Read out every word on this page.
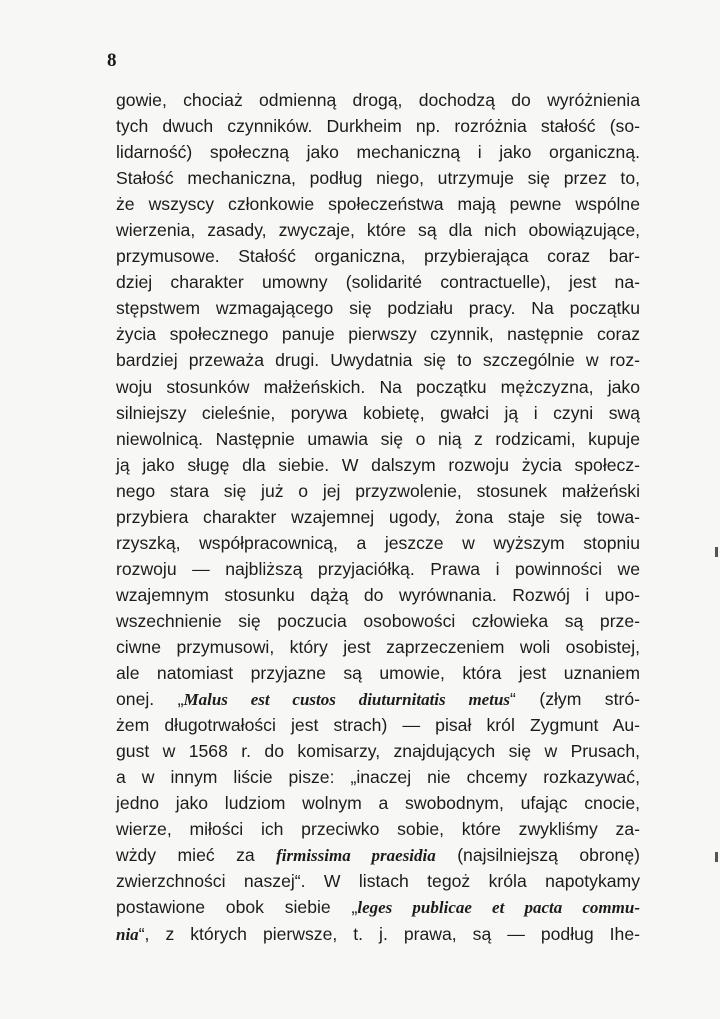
8
gowie, chociaż odmienną drogą, dochodzą do wyróżnienia
tych dwuch czynników. Durkheim np. rozróżnia stałość (so-
lidarność) społeczną jako mechaniczną i jako organiczną.
Stałość mechaniczna, podług niego, utrzymuje się przez to,
że wszyscy członkowie społeczeństwa mają pewne wspólne
wierzenia, zasady, zwyczaje, które są dla nich obowiązujące,
przymusowe. Stałość organiczna, przybierająca coraz bar-
dziej charakter umowny (solidarité contractuelle), jest na-
stępstwem wzmagającego się podziału pracy. Na początku
życia społecznego panuje pierwszy czynnik, następnie coraz
bardziej przeważa drugi. Uwydatnia się to szczególnie w roz-
woju stosunków małżeńskich. Na początku mężczyzna, jako
silniejszy cieleśnie, porywa kobietę, gwałci ją i czyni swą
niewolnicą. Następnie umawia się o nią z rodzicami, kupuje
ją jako sługę dla siebie. W dalszym rozwoju życia społecz-
nego stara się już o jej przyzwolenie, stosunek małżeński
przybiera charakter wzajemnej ugody, żona staje się towa-
rzyszką, współpracownicą, a jeszcze w wyższym stopniu
rozwoju — najbliższą przyjaciółką. Prawa i powinności we
wzajemnym stosunku dążą do wyrównania. Rozwój i upo-
wszechnienie się poczucia osobowości człowieka są prze-
ciwne przymusowi, który jest zaprzeczeniem woli osobistej,
ale natomiast przyjazne są umowie, która jest uznaniem
onej. „Malus est custos diuturnitatis metus“ (złym stró-
żem długotrwałości jest strach) — pisał król Zygmunt Au-
gust w 1568 r. do komisarzy, znajdujących się w Prusach,
a w innym liście pisze: „inaczej nie chcemy rozkazywać,
jedno jako ludziom wolnym a swobodnym, ufając cnocie,
wierze, miłości ich przeciwko sobie, które zwykliśmy za-
wżdy mieć za firmissima praesidia (najsilniejszą obronę)
zwierzchności naszej“. W listach tegoż króla napotykamy
postawione obok siebie „leges publicae et pacta commu-
nia“, z których pierwsze, t. j. prawa, są — podług Ihe-
